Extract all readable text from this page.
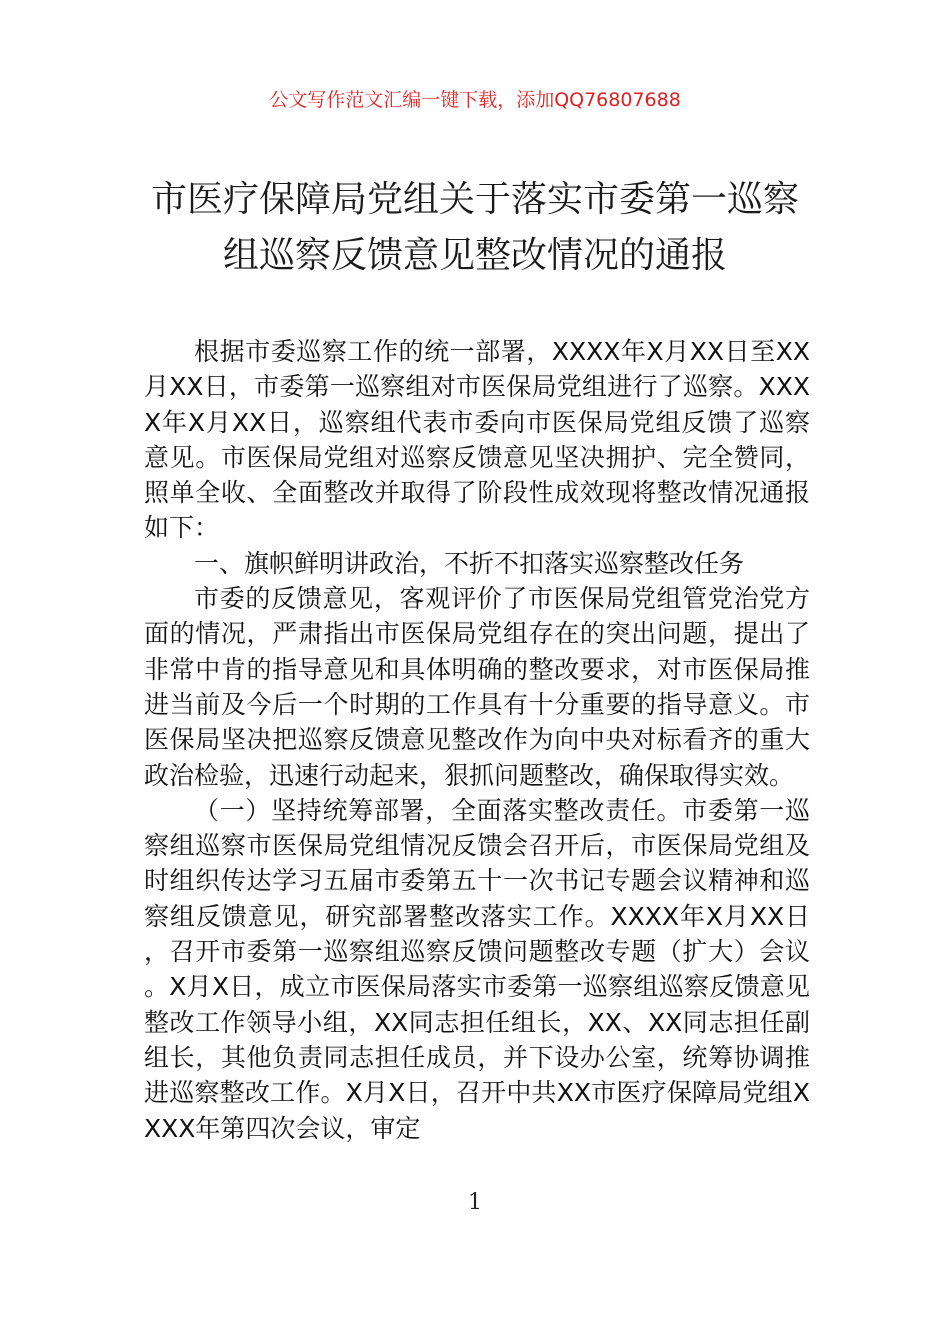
公文写作范文汇编一键下载，添加QQ76807688
市医疗保障局党组关于落实市委第一巡察
组巡察反馈意见整改情况的通报

根据市委巡察工作的统一部署，XXXX年X月XX日至XX月XX日，市委第一巡察组对市医保局党组进行了巡察。XXXX年X月XX日，巡察组代表市委向市医保局党组反馈了巡察意见。市医保局党组对巡察反馈意见坚决拥护、完全赞同，照单全收、全面整改并取得了阶段性成效现将整改情况通报如下：

一、旗帜鲜明讲政治，不折不扣落实巡察整改任务

市委的反馈意见，客观评价了市医保局党组管党治党方面的情况，严肃指出市医保局党组存在的突出问题，提出了非常中肯的指导意见和具体明确的整改要求，对市医保局推进当前及今后一个时期的工作具有十分重要的指导意义。市医保局坚决把巡察反馈意见整改作为向中央对标看齐的重大政治检验，迅速行动起来，狠抓问题整改，确保取得实效。

（一）坚持统筹部署，全面落实整改责任。市委第一巡察组巡察市医保局党组情况反馈会召开后，市医保局党组及时组织传达学习五届市委第五十一次书记专题会议精神和巡察组反馈意见，研究部署整改落实工作。XXXX年X月XX日，召开市委第一巡察组巡察反馈问题整改专题（扩大）会议。X月X日，成立市医保局落实市委第一巡察组巡察反馈意见整改工作领导小组，XX同志担任组长，XX、XX同志担任副组长，其他负责同志担任成员，并下设办公室，统筹协调推进巡察整改工作。X月X日，召开中共XX市医疗保障局党组XXXX年第四次会议，审定

1
